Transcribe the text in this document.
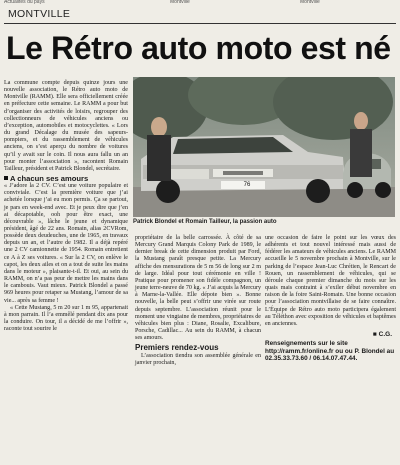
Actualités du pays	Montville	Montville
MONTVILLE
Le Rétro auto moto est né

La commune compte depuis quinze jours une nouvelle association, le Rétro auto moto de Montville (RAMM). Elle sera officiellement créée en préfecture cette semaine. Le RAMM a pour but d’organiser des activités de loisirs, regrouper des collectionneurs de véhicules anciens ou d’exception, automobiles et motocyclettes. « Lors du grand Décalage du musée des sapeurs-pompiers, et du rassemblement de véhicules anciens, on s’est aperçu du nombre de voitures qu’il y avait sur le coin. Il nous aura fallu un an pour monter l’association », racontent Romain Tailleur, président et Patrick Blondel, secrétaire.

A chacun ses amours

« J’adore la 2 CV. C’est une voiture populaire et conviviale. C’est la première voiture que j’ai achetée lorsque j’ai eu mon permis. Ça se partout, je pars en week-end avec. Et je peux dire que j’en ai décapotable, ooh pour être exact, une découvrable », lâche le jeune et dynamique président, âgé de 22 ans. Romain, alias 2CVRom, possède deux deudeuches, une de 1965, en travaux depuis un an, et l’autre de 1982. Il a déjà repéré une 2 CV camionnette de 1954. Romain entretient ce A à Z ses voitures. « Sur la 2 CV, on enlève le capot, les deux ailes et on a tout de suite les mains dans le moteur », plaisante-t-il. Et oui, au sein du RAMM, on n’a pas peur de mettre les mains dans le cambouis. Vaut mieux. Patrick Blondel a passé 969 heures pour retaper sa Mustang, l’amour de sa vie... après sa femme !

« Cette Mustang, 5 m 20 sur 1 m 95, appartenait à mon parrain. Il l’a emmêlé pendant dix ans pour la conduire. On tour, il a décidé de me l’offrir », raconte tout sourire le

76
Patrick Blondel et Romain Tailleur, la passion auto

propriétaire de la belle carrossée. À côté de sa Mercury Grand Marquis Colony Park de 1989, le dernier break de cette dimension produit par Ford, la Mustang paraît presque petite. La Mercury affiche des mensurations de 5 m 56 de long sur 2 m de large. Idéal pour tout cérémonie en ville ! Pratique pour promener son fidèle compagnon, un jeune terre-neuve de 70 kg. « J’ai acquis la Mercury à Marne-la-Vallée. Elle dépote bien ». Bonne nouvelle, la belle peut s’offrir une virée sur route depuis septembre. L’association réunit pour le moment une vingtaine de membres, propriétaires de véhicules bien plus : Diane, Rosalie, Excalibure, Porsche, Cadillac... Au sein du RAMM, à chacun ses amours.

Premiers rendez-vous

L’association tiendra son assemblée générale en janvier prochain,

une occasion de faire le point sur les vœux des adhérents et tout nouvel intéressé mais aussi de fédérer les amateurs de véhicules anciens. Le RAMM accueille le 5 novembre prochain à Montville, sur le parking de l’espace Jean-Luc Chrétien, le Rencart de Rouen, un rassemblement de véhicules, qui se déroule chaque premier dimanche du mois sur les quais mais contraint à s’exiler début novembre en raison de la foire Saint-Romain. Une bonne occasion pour l’association montvillaise de se faire connaître. L’Équipe de Rétro auto moto participera également au Téléthon avec exposition de véhicules et baptêmes en anciennes.

■ C.G.
Renseignements sur le site http://ramm.fr/online.fr ou ou P. Blondel au 02.35.33.73.60 / 06.14.07.47.44.
